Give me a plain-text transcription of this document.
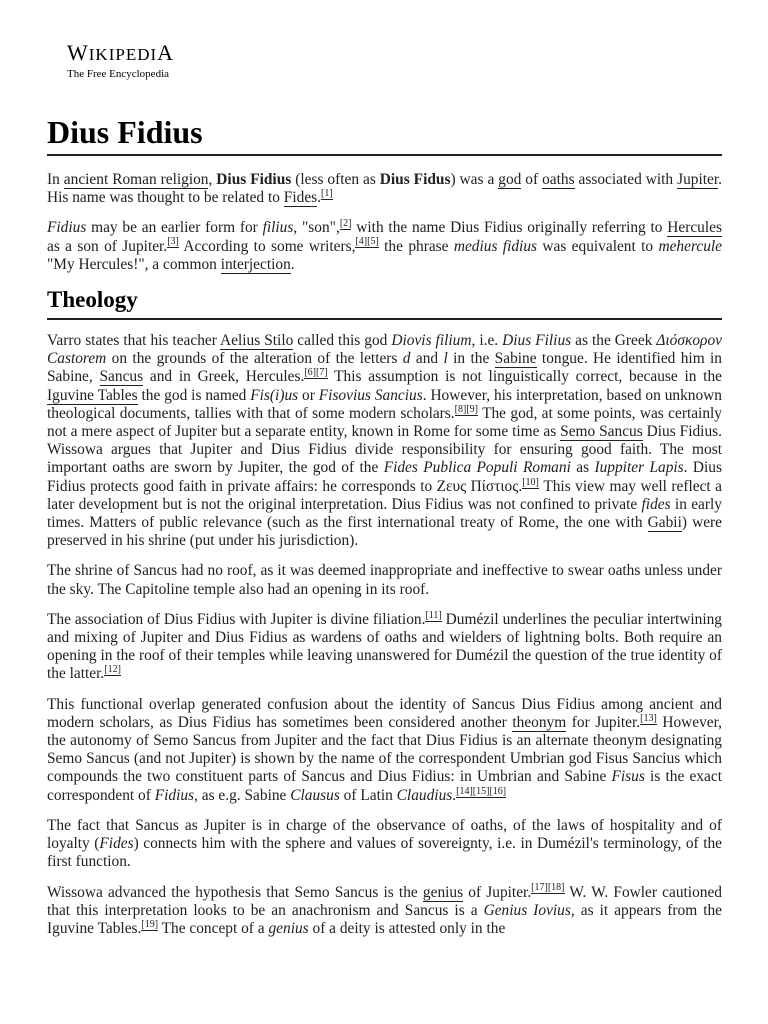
WIKIPEDIA
The Free Encyclopedia
Dius Fidius

In ancient Roman religion, Dius Fidius (less often as Dius Fidus) was a god of oaths associated with Jupiter. His name was thought to be related to Fides.[1]

Fidius may be an earlier form for filius, "son",[2] with the name Dius Fidius originally referring to Hercules as a son of Jupiter.[3] According to some writers,[4][5] the phrase medius fidius was equivalent to mehercule "My Hercules!", a common interjection.

Theology

Varro states that his teacher Aelius Stilo called this god Diovis filium, i.e. Dius Filius as the Greek Διόσκορον Castorem on the grounds of the alteration of the letters d and l in the Sabine tongue. He identified him in Sabine, Sancus and in Greek, Hercules.[6][7] This assumption is not linguistically correct, because in the Iguvine Tables the god is named Fis(i)us or Fisovius Sancius. However, his interpretation, based on unknown theological documents, tallies with that of some modern scholars.[8][9] The god, at some points, was certainly not a mere aspect of Jupiter but a separate entity, known in Rome for some time as Semo Sancus Dius Fidius. Wissowa argues that Jupiter and Dius Fidius divide responsibility for ensuring good faith. The most important oaths are sworn by Jupiter, the god of the Fides Publica Populi Romani as Iuppiter Lapis. Dius Fidius protects good faith in private affairs: he corresponds to Ζευς Πίστιος.[10] This view may well reflect a later development but is not the original interpretation. Dius Fidius was not confined to private fides in early times. Matters of public relevance (such as the first international treaty of Rome, the one with Gabii) were preserved in his shrine (put under his jurisdiction).

The shrine of Sancus had no roof, as it was deemed inappropriate and ineffective to swear oaths unless under the sky. The Capitoline temple also had an opening in its roof.

The association of Dius Fidius with Jupiter is divine filiation.[11] Dumézil underlines the peculiar intertwining and mixing of Jupiter and Dius Fidius as wardens of oaths and wielders of lightning bolts. Both require an opening in the roof of their temples while leaving unanswered for Dumézil the question of the true identity of the latter.[12]

This functional overlap generated confusion about the identity of Sancus Dius Fidius among ancient and modern scholars, as Dius Fidius has sometimes been considered another theonym for Jupiter.[13] However, the autonomy of Semo Sancus from Jupiter and the fact that Dius Fidius is an alternate theonym designating Semo Sancus (and not Jupiter) is shown by the name of the correspondent Umbrian god Fisus Sancius which compounds the two constituent parts of Sancus and Dius Fidius: in Umbrian and Sabine Fisus is the exact correspondent of Fidius, as e.g. Sabine Clausus of Latin Claudius.[14][15][16]

The fact that Sancus as Jupiter is in charge of the observance of oaths, of the laws of hospitality and of loyalty (Fides) connects him with the sphere and values of sovereignty, i.e. in Dumézil's terminology, of the first function.

Wissowa advanced the hypothesis that Semo Sancus is the genius of Jupiter.[17][18] W. W. Fowler cautioned that this interpretation looks to be an anachronism and Sancus is a Genius Iovius, as it appears from the Iguvine Tables.[19] The concept of a genius of a deity is attested only in the
